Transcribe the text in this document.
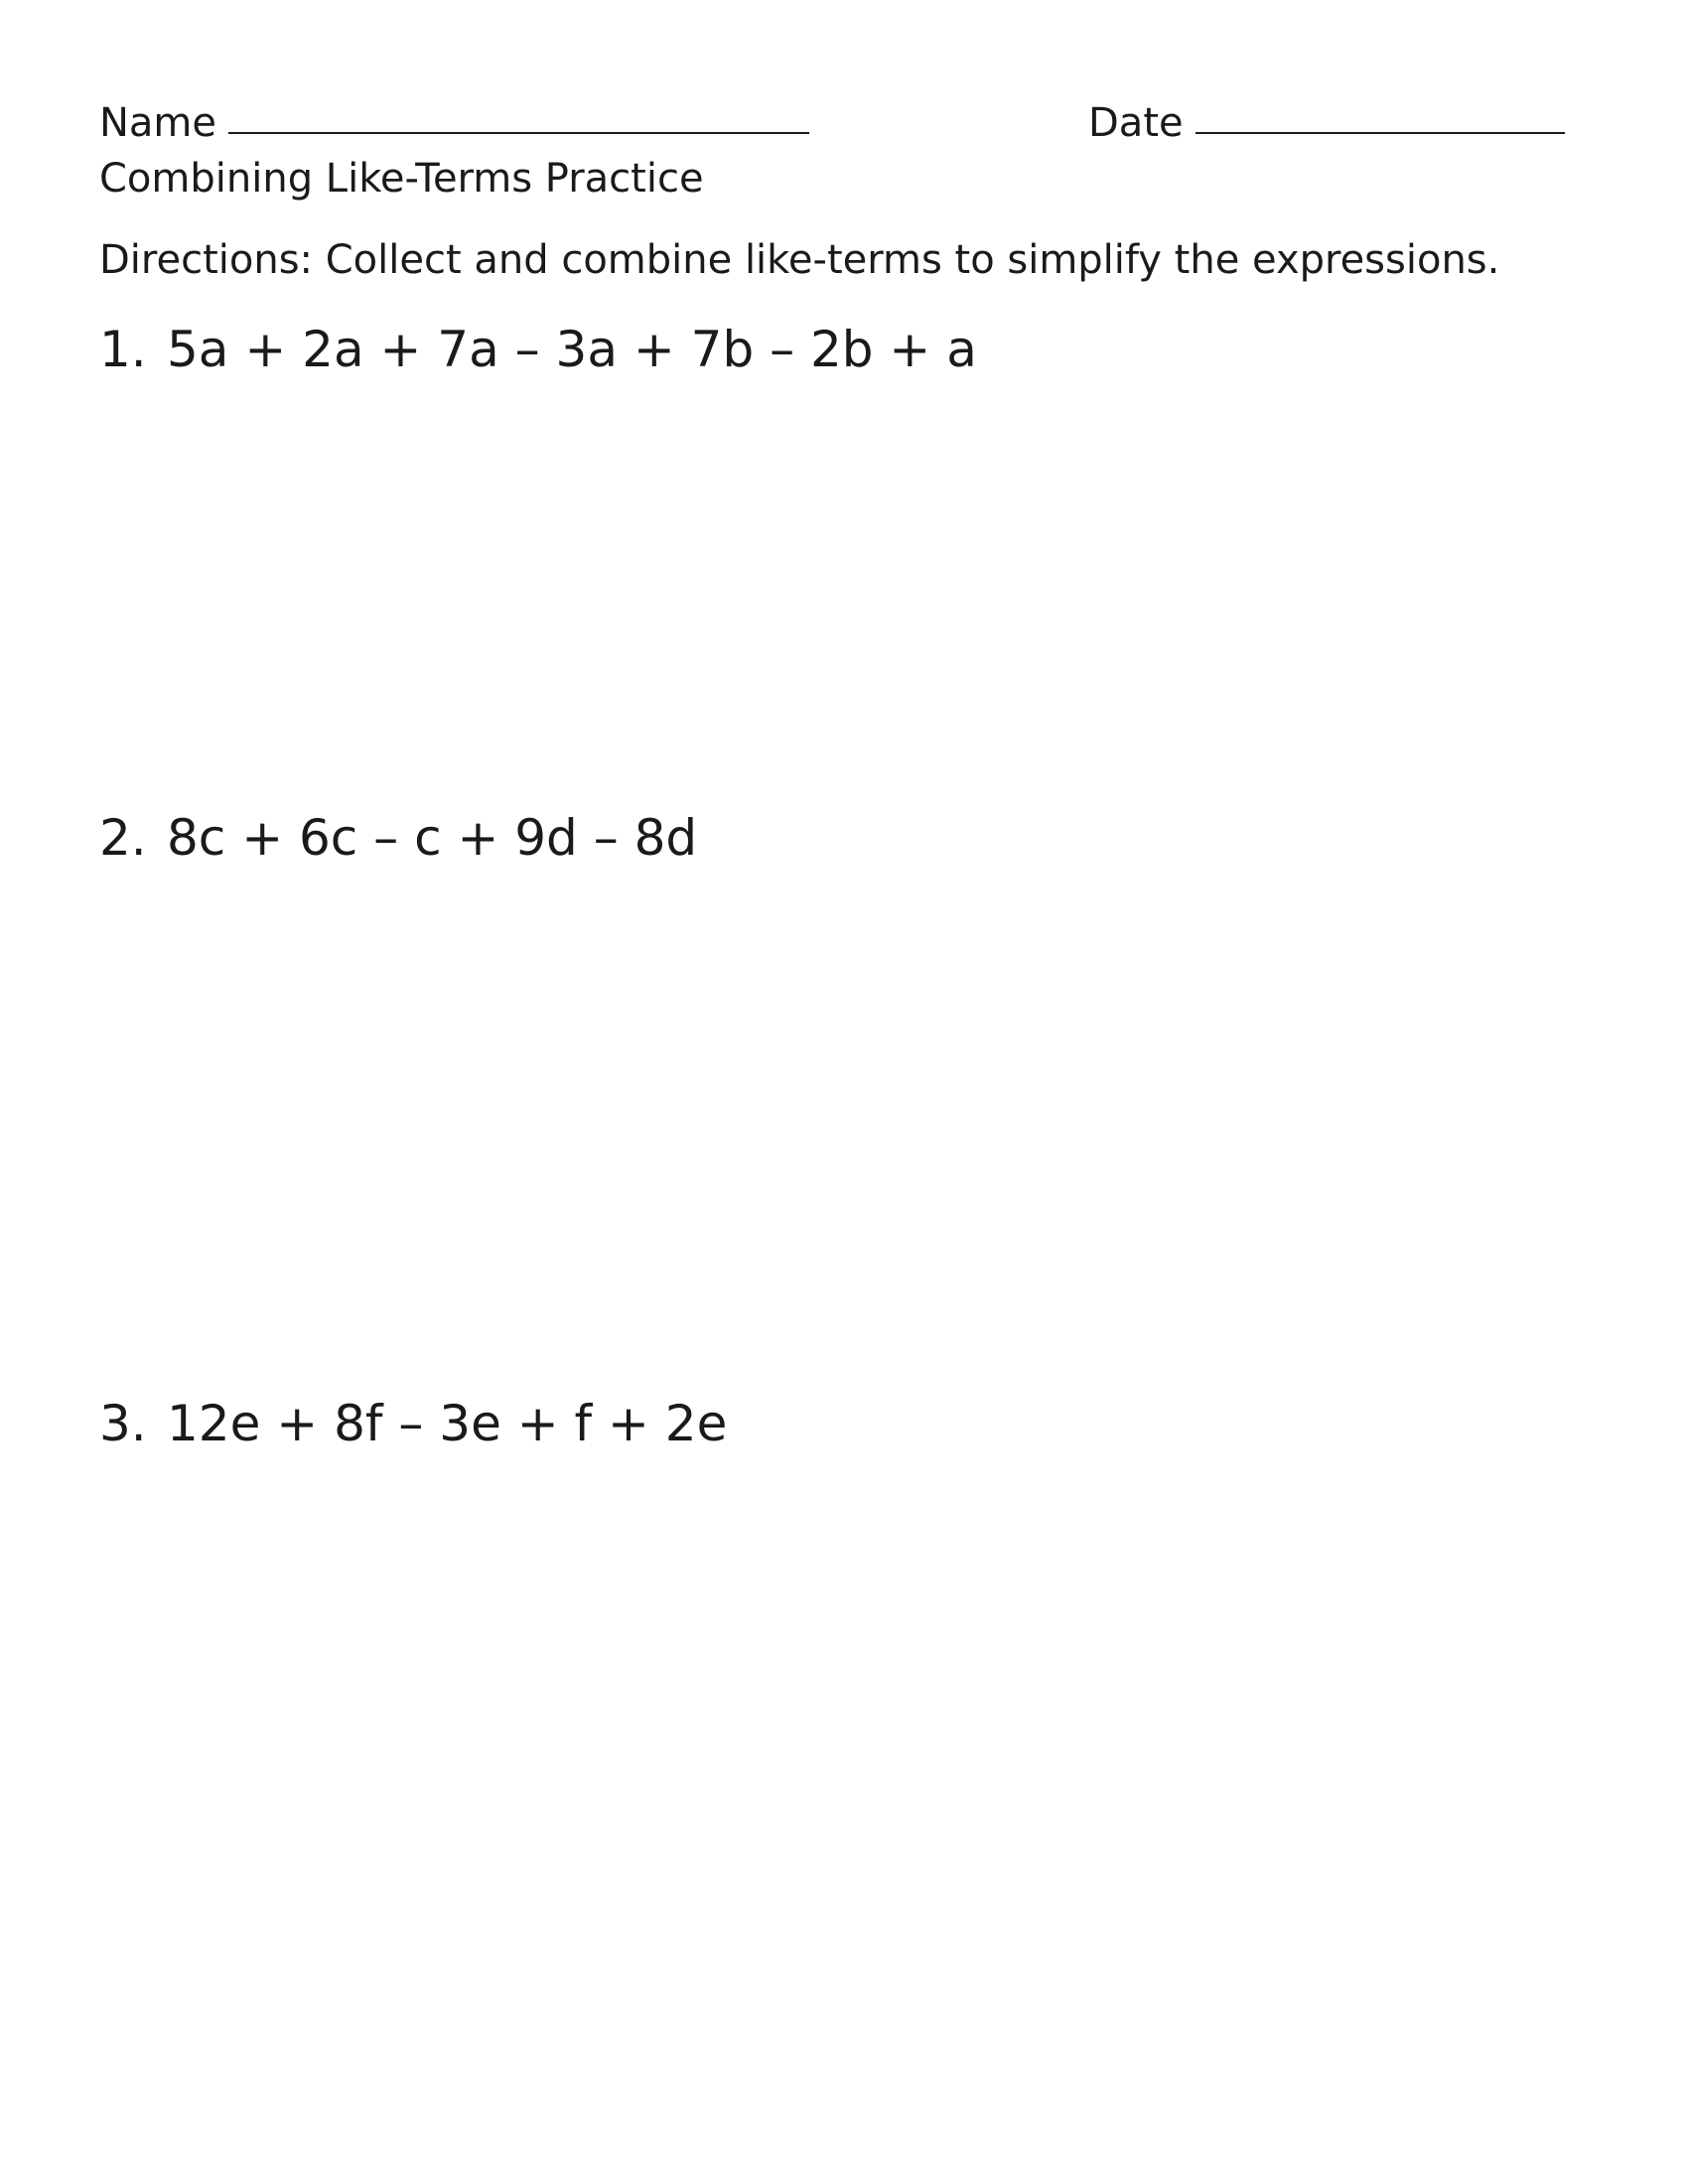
Name	Date
Combining Like-Terms Practice
Directions: Collect and combine like-terms to simplify the expressions.
1. 5a + 2a + 7a – 3a + 7b – 2b + a
2. 8c + 6c – c + 9d – 8d
3. 12e + 8f – 3e + f + 2e
